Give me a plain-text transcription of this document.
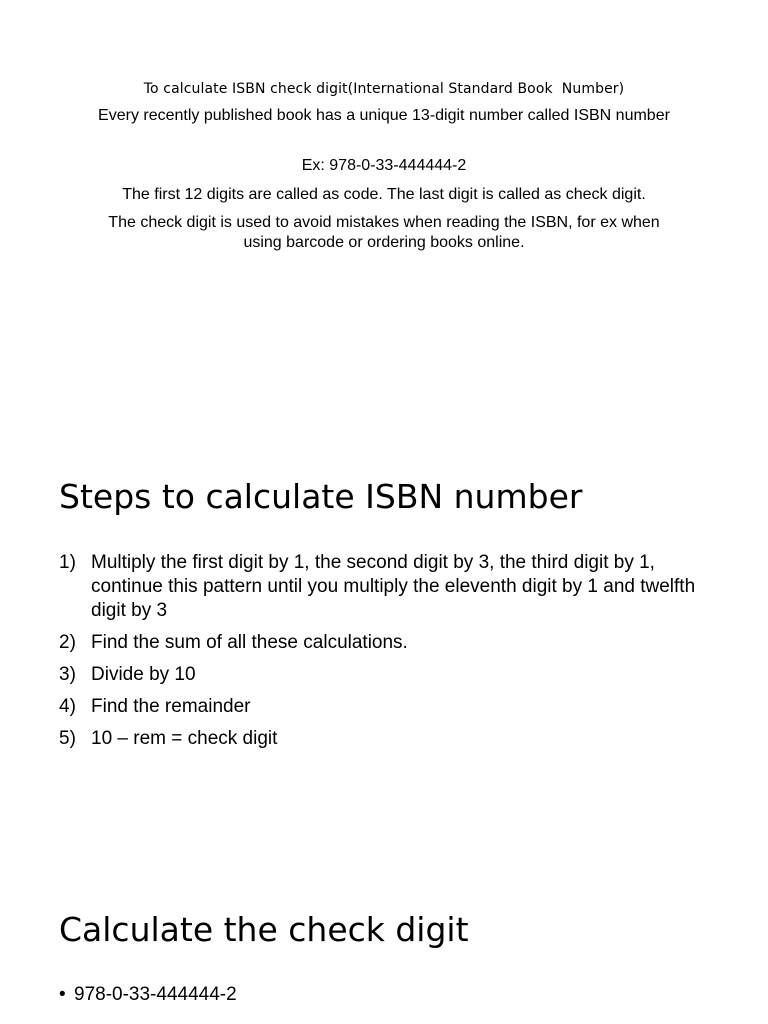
To calculate ISBN check digit(International Standard Book  Number)
Every recently published book has a unique 13-digit number called ISBN number
Ex: 978-0-33-444444-2
The first 12 digits are called as code. The last digit is called as check digit.
The check digit is used to avoid mistakes when reading the ISBN, for ex when using barcode or ordering books online.
Steps to calculate ISBN number
1) Multiply the first digit by 1, the second digit by 3, the third digit by 1, continue this pattern until you multiply the eleventh digit by 1 and twelfth digit by 3
2) Find the sum of all these calculations.
3) Divide by 10
4) Find the remainder
5) 10 – rem = check digit
Calculate the check digit
• 978-0-33-444444-2
